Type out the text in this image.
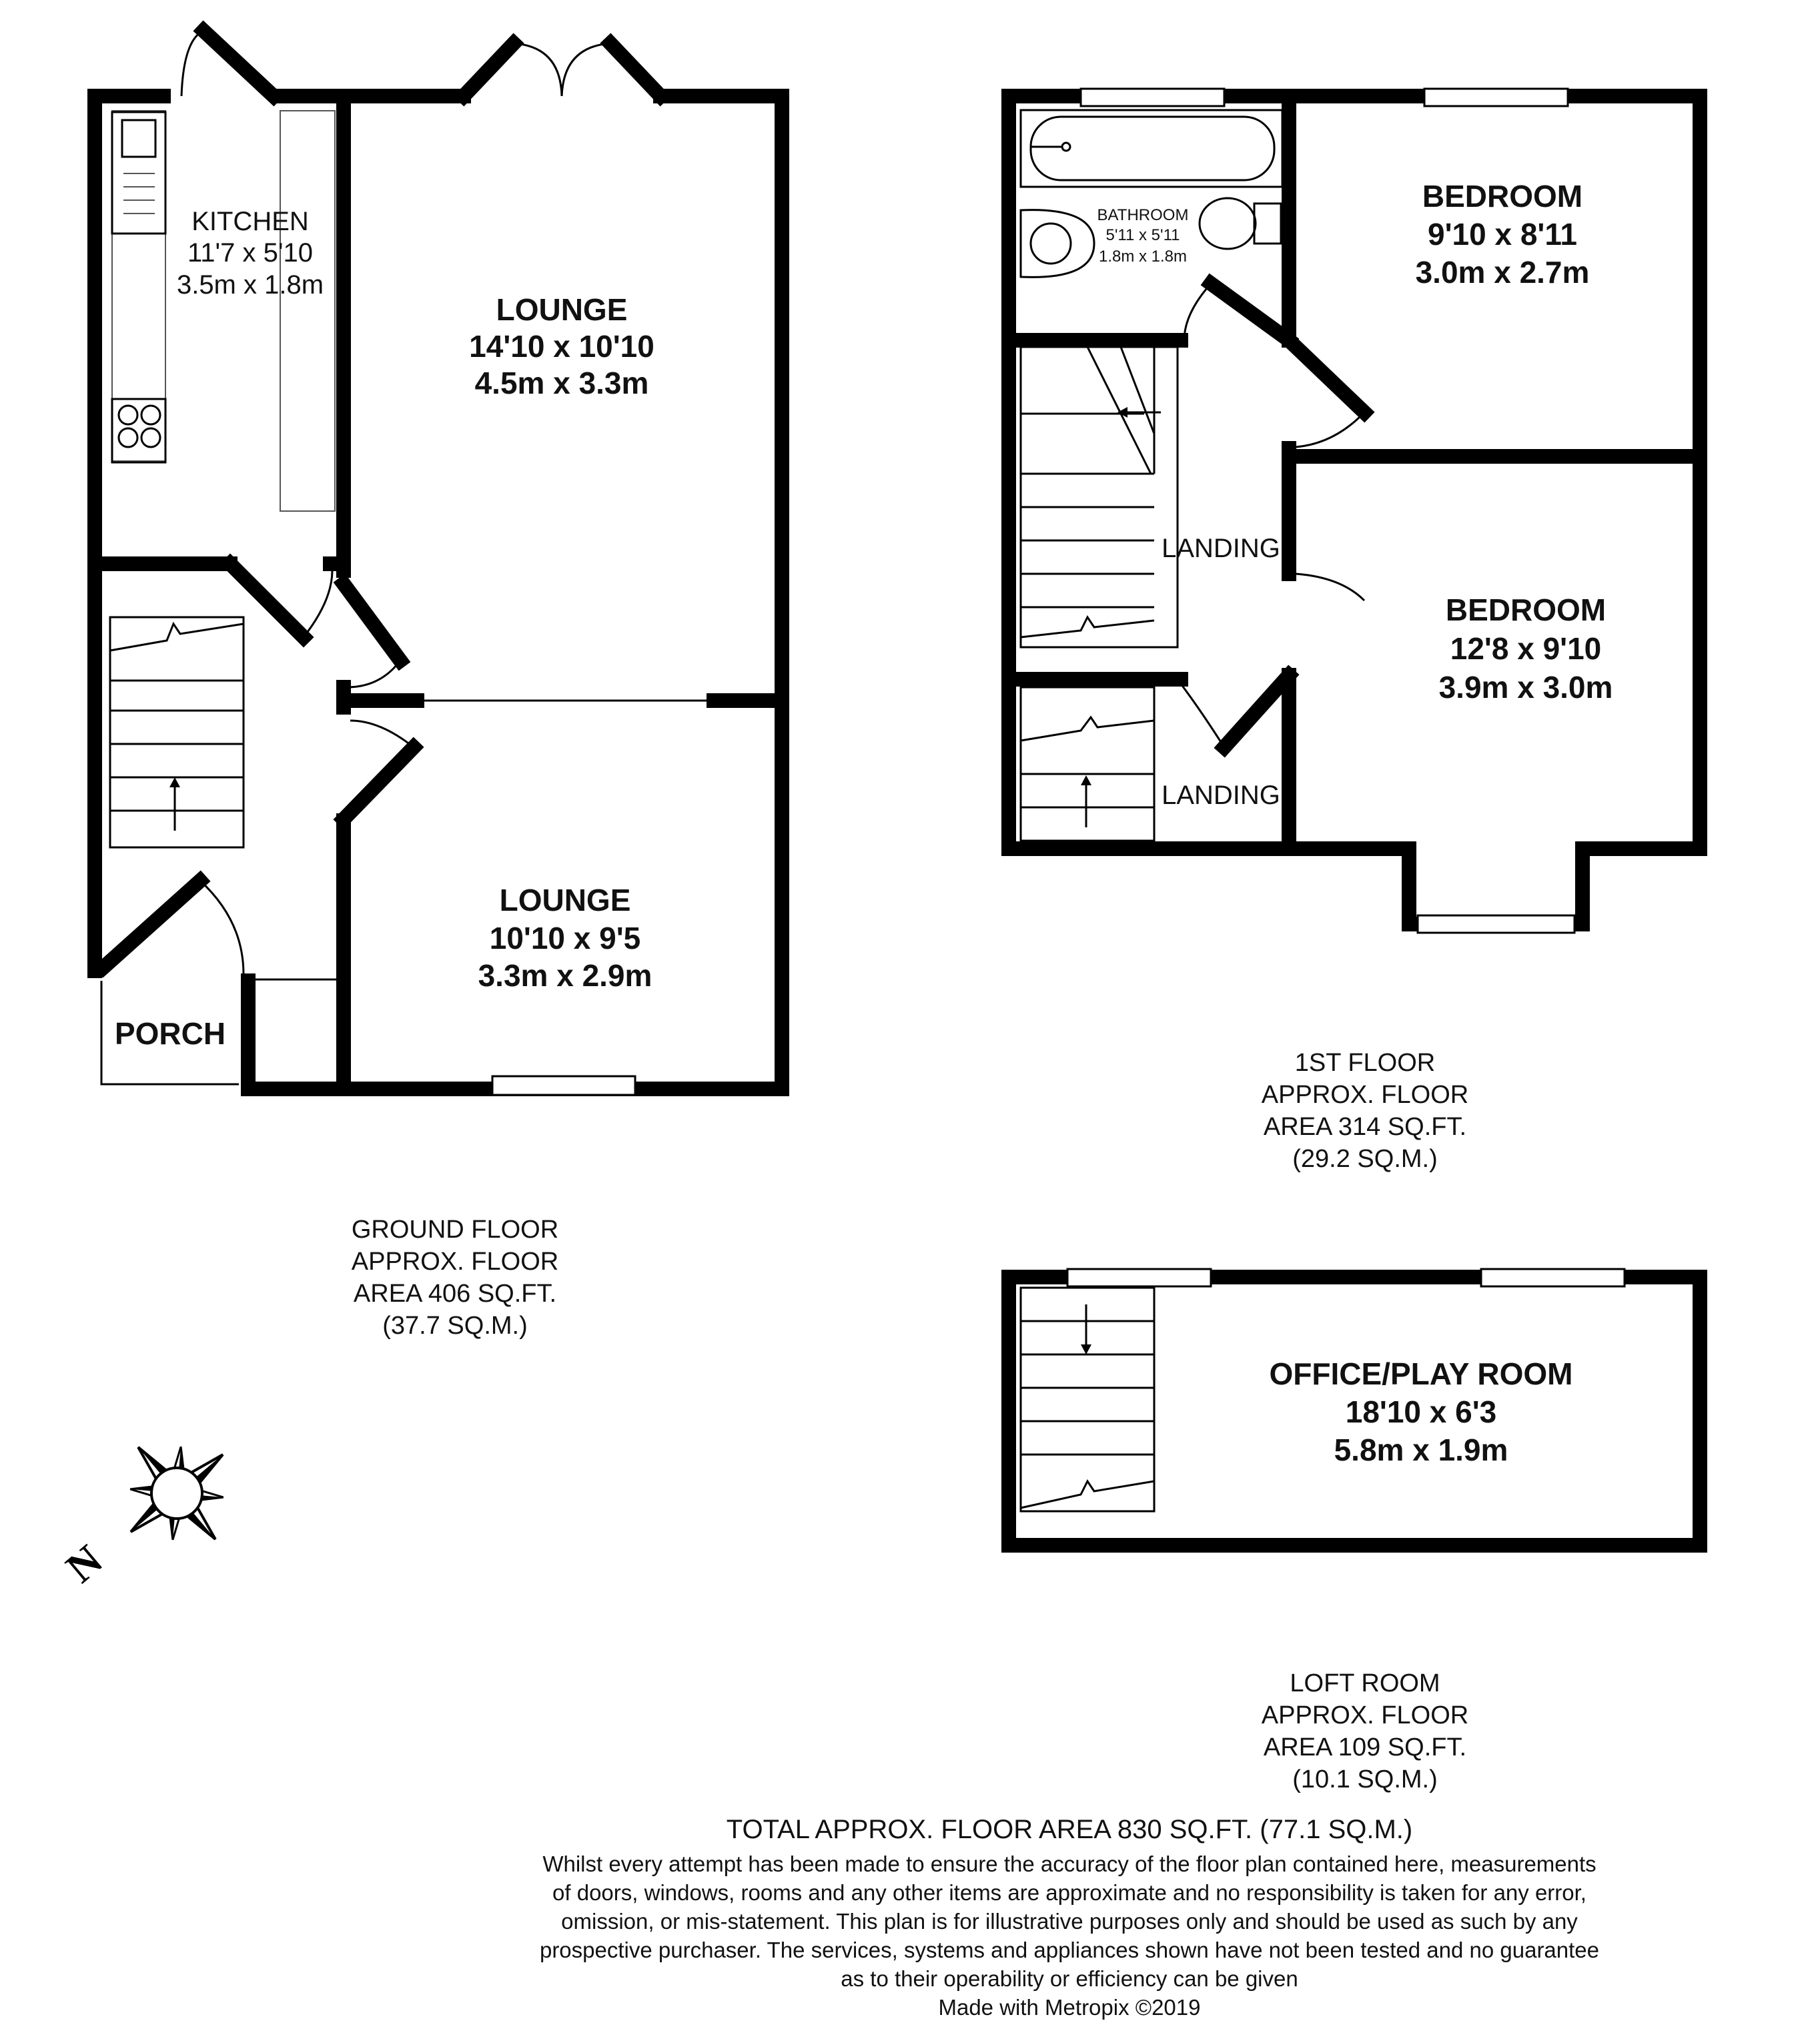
KITCHEN
11'7 x 5'10
3.5m x 1.8m
LOUNGE
14'10 x 10'10
4.5m x 3.3m
LOUNGE
10'10 x 9'5
3.3m x 2.9m
PORCH
GROUND FLOOR
APPROX. FLOOR
AREA 406 SQ.FT.
(37.7 SQ.M.)
BATHROOM
5'11 x 5'11
1.8m x 1.8m
BEDROOM
9'10 x 8'11
3.0m x 2.7m
BEDROOM
12'8 x 9'10
3.9m x 3.0m
LANDING
LANDING
1ST FLOOR
APPROX. FLOOR
AREA 314 SQ.FT.
(29.2 SQ.M.)
OFFICE/PLAY ROOM
18'10 x 6'3
5.8m x 1.9m
LOFT ROOM
APPROX. FLOOR
AREA 109 SQ.FT.
(10.1 SQ.M.)
N
TOTAL APPROX. FLOOR AREA 830 SQ.FT. (77.1 SQ.M.)
Whilst every attempt has been made to ensure the accuracy of the floor plan contained here, measurements
of doors, windows, rooms and any other items are approximate and no responsibility is taken for any error,
omission, or mis-statement. This plan is for illustrative purposes only and should be used as such by any
prospective purchaser. The services, systems and appliances shown have not been tested and no guarantee
as to their operability or efficiency can be given
Made with Metropix ©2019
